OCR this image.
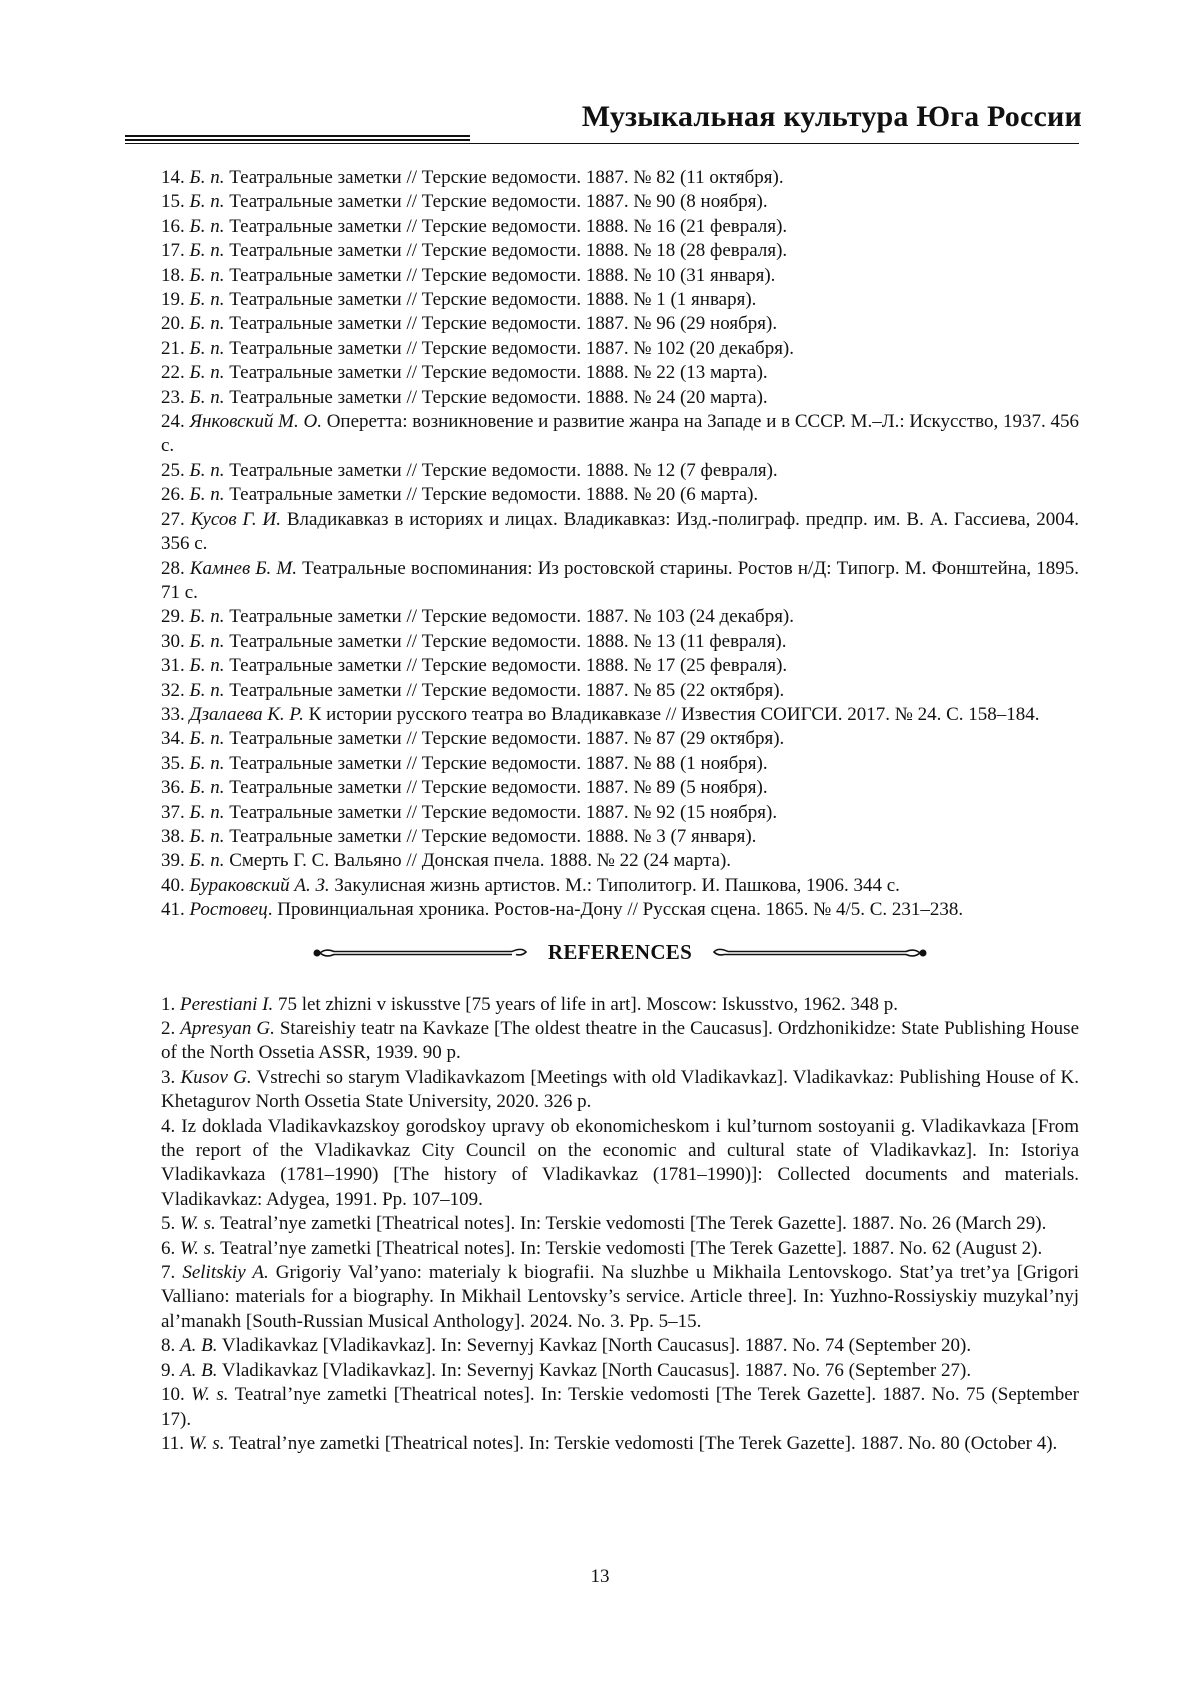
Музыкальная культура Юга России

14. Б. п. Театральные заметки // Терские ведомости. 1887. № 82 (11 октября).

15. Б. п. Театральные заметки // Терские ведомости. 1887. № 90 (8 ноября).

16. Б. п. Театральные заметки // Терские ведомости. 1888. № 16 (21 февраля).

17. Б. п. Театральные заметки // Терские ведомости. 1888. № 18 (28 февраля).

18. Б. п. Театральные заметки // Терские ведомости. 1888. № 10 (31 января).

19. Б. п. Театральные заметки // Терские ведомости. 1888. № 1 (1 января).

20. Б. п. Театральные заметки // Терские ведомости. 1887. № 96 (29 ноября).

21. Б. п. Театральные заметки // Терские ведомости. 1887. № 102 (20 декабря).

22. Б. п. Театральные заметки // Терские ведомости. 1888. № 22 (13 марта).

23. Б. п. Театральные заметки // Терские ведомости. 1888. № 24 (20 марта).

24. Янковский М. О. Оперетта: возникновение и развитие жанра на Западе и в СССР. М.–Л.: Искусство, 1937. 456 с.

25. Б. п. Театральные заметки // Терские ведомости. 1888. № 12 (7 февраля).

26. Б. п. Театральные заметки // Терские ведомости. 1888. № 20 (6 марта).

27. Кусов Г. И. Владикавказ в историях и лицах. Владикавказ: Изд.-полиграф. предпр. им. В. А. Гассиева, 2004. 356 с.

28. Камнев Б. М. Театральные воспоминания: Из ростовской старины. Ростов н/Д: Типогр. М. Фонштейна, 1895. 71 с.

29. Б. п. Театральные заметки // Терские ведомости. 1887. № 103 (24 декабря).

30. Б. п. Театральные заметки // Терские ведомости. 1888. № 13 (11 февраля).

31. Б. п. Театральные заметки // Терские ведомости. 1888. № 17 (25 февраля).

32. Б. п. Театральные заметки // Терские ведомости. 1887. № 85 (22 октября).

33. Дзалаева К. Р. К истории русского театра во Владикавказе // Известия СОИГСИ. 2017. № 24. С. 158–184.

34. Б. п. Театральные заметки // Терские ведомости. 1887. № 87 (29 октября).

35. Б. п. Театральные заметки // Терские ведомости. 1887. № 88 (1 ноября).

36. Б. п. Театральные заметки // Терские ведомости. 1887. № 89 (5 ноября).

37. Б. п. Театральные заметки // Терские ведомости. 1887. № 92 (15 ноября).

38. Б. п. Театральные заметки // Терские ведомости. 1888. № 3 (7 января).

39. Б. п. Смерть Г. С. Вальяно // Донская пчела. 1888. № 22 (24 марта).

40. Бураковский А. З. Закулисная жизнь артистов. М.: Типолитогр. И. Пашкова, 1906. 344 с.

41. Ростовец. Провинциальная хроника. Ростов-на-Дону // Русская сцена. 1865. № 4/5. С. 231–238.

REFERENCES

1. Perestiani I. 75 let zhizni v iskusstve [75 years of life in art]. Moscow: Iskusstvo, 1962. 348 p.

2. Apresyan G. Stareishiy teatr na Kavkaze [The oldest theatre in the Caucasus]. Ordzhonikidze: State Publishing House of the North Ossetia ASSR, 1939. 90 p.

3. Kusov G. Vstrechi so starym Vladikavkazom [Meetings with old Vladikavkaz]. Vladikavkaz: Publishing House of K. Khetagurov North Ossetia State University, 2020. 326 p.

4. Iz doklada Vladikavkazskoy gorodskoy upravy ob ekonomicheskom i kul’turnom sostoyanii g. Vladikavkaza [From the report of the Vladikavkaz City Council on the economic and cultural state of Vladikavkaz]. In: Istoriya Vladikavkaza (1781–1990) [The history of Vladikavkaz (1781–1990)]: Collected documents and materials. Vladikavkaz: Adygea, 1991. Pp. 107–109.

5. W. s. Teatral’nye zametki [Theatrical notes]. In: Terskie vedomosti [The Terek Gazette]. 1887. No. 26 (March 29).

6. W. s. Teatral’nye zametki [Theatrical notes]. In: Terskie vedomosti [The Terek Gazette]. 1887. No. 62 (August 2).

7. Selitskiy A. Grigoriy Val’yano: materialy k biografii. Na sluzhbe u Mikhaila Lentovskogo. Stat’ya tret’ya [Grigori Valliano: materials for a biography. In Mikhail Lentovsky’s service. Article three]. In: Yuzhno-Rossiyskiy muzykal’nyj al’manakh [South-Russian Musical Anthology]. 2024. No. 3. Pp. 5–15.

8. A. B. Vladikavkaz [Vladikavkaz]. In: Severnyj Kavkaz [North Caucasus]. 1887. No. 74 (September 20).

9. A. B. Vladikavkaz [Vladikavkaz]. In: Severnyj Kavkaz [North Caucasus]. 1887. No. 76 (September 27).

10. W. s. Teatral’nye zametki [Theatrical notes]. In: Terskie vedomosti [The Terek Gazette]. 1887. No. 75 (September 17).

11. W. s. Teatral’nye zametki [Theatrical notes]. In: Terskie vedomosti [The Terek Gazette]. 1887. No. 80 (October 4).

13
